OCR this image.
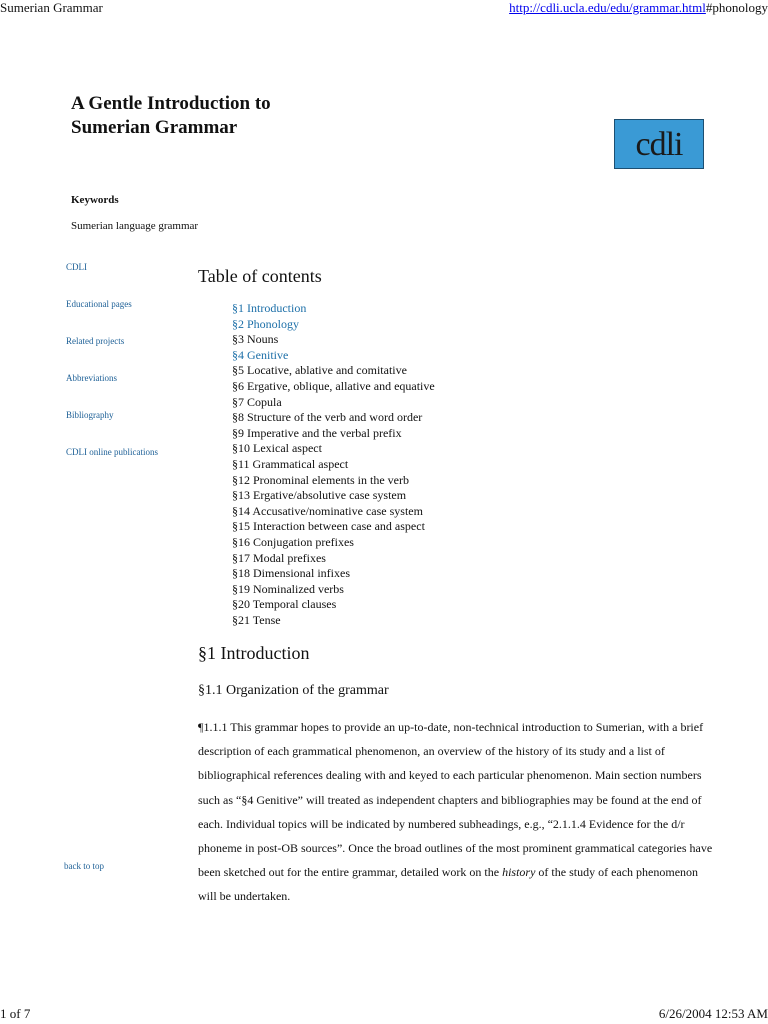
Sumerian Grammar	http://cdli.ucla.edu/edu/grammar.html#phonology
A Gentle Introduction to
Sumerian Grammar	cdli
Keywords
Sumerian language grammar
CDLI
Educational pages
Related projects
Abbreviations
Bibliography
CDLI online publications
back to top
Table of contents
§1 Introduction
§2 Phonology
§3 Nouns
§4 Genitive
§5 Locative, ablative and comitative
§6 Ergative, oblique, allative and equative
§7 Copula
§8 Structure of the verb and word order
§9 Imperative and the verbal prefix
§10 Lexical aspect
§11 Grammatical aspect
§12 Pronominal elements in the verb
§13 Ergative/absolutive case system
§14 Accusative/nominative case system
§15 Interaction between case and aspect
§16 Conjugation prefixes
§17 Modal prefixes
§18 Dimensional infixes
§19 Nominalized verbs
§20 Temporal clauses
§21 Tense
§1 Introduction
§1.1 Organization of the grammar

¶1.1.1 This grammar hopes to provide an up-to-date, non-technical introduction to Sumerian, with a brief description of each grammatical phenomenon, an overview of the history of its study and a list of bibliographical references dealing with and keyed to each particular phenomenon. Main section numbers such as “§4 Genitive” will treated as independent chapters and bibliographies may be found at the end of each. Individual topics will be indicated by numbered subheadings, e.g., “2.1.1.4 Evidence for the d/r phoneme in post-OB sources”. Once the broad outlines of the most prominent grammatical categories have been sketched out for the entire grammar, detailed work on the history of the study of each phenomenon will be undertaken.

1 of 7	6/26/2004 12:53 AM
